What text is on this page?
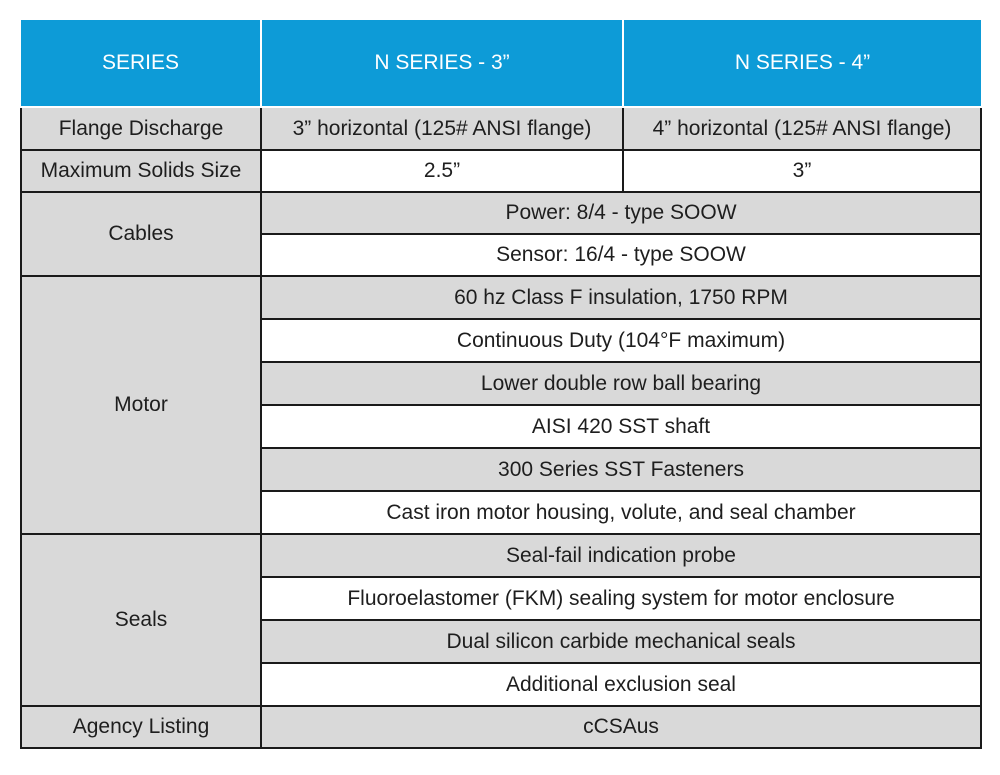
SERIES	N SERIES - 3”	N SERIES - 4”
Flange Discharge	3” horizontal (125# ANSI flange)	4” horizontal (125# ANSI flange)
Maximum Solids Size	2.5”	3”
Cables	Power: 8/4 - type SOOW	
	Sensor: 16/4 - type SOOW	
Motor	60 hz Class F insulation, 1750 RPM	
	Continuous Duty (104°F maximum)	
	Lower double row ball bearing	
	AISI 420 SST shaft	
	300 Series SST Fasteners	
	Cast iron motor housing, volute, and seal chamber	
Seals	Seal-fail indication probe	
	Fluoroelastomer (FKM) sealing system for motor enclosure	
	Dual silicon carbide mechanical seals	
	Additional exclusion seal	
Agency Listing	cCSAus	
